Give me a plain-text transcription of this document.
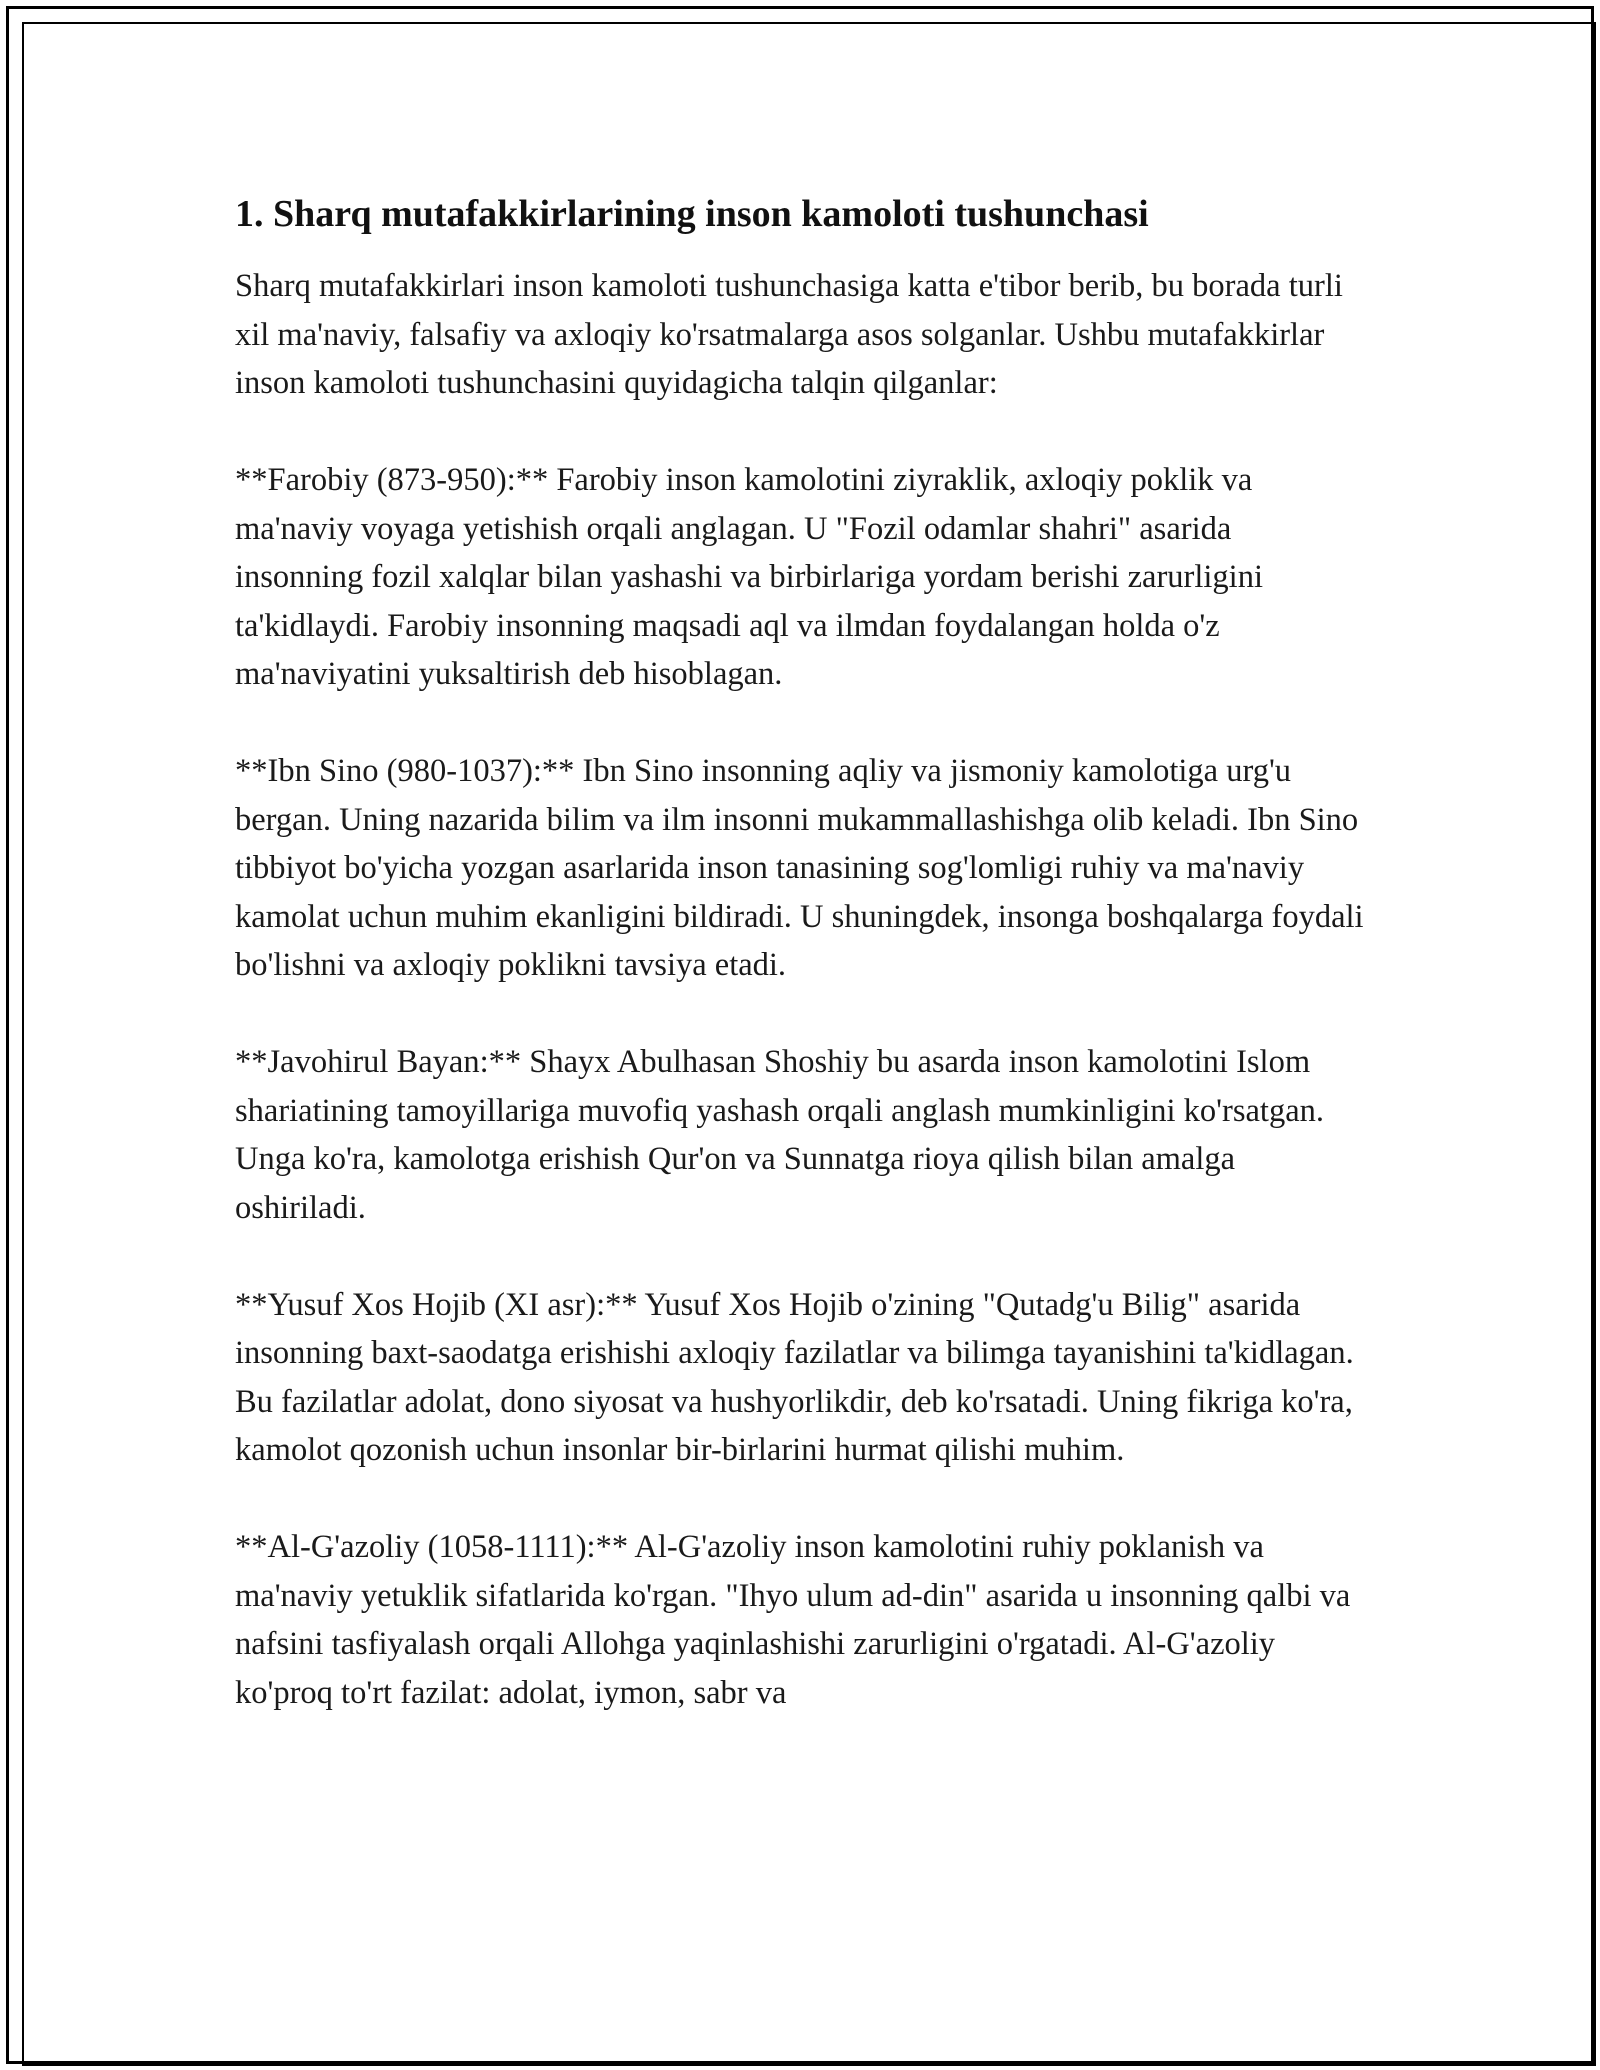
1. Sharq mutafakkirlarining inson kamoloti tushunchasi

Sharq mutafakkirlari inson kamoloti tushunchasiga katta e'tibor berib, bu borada turli xil ma'naviy, falsafiy va axloqiy ko'rsatmalarga asos solganlar. Ushbu mutafakkirlar inson kamoloti tushunchasini quyidagicha talqin qilganlar:

**Farobiy (873-950):** Farobiy inson kamolotini ziyraklik, axloqiy poklik va ma'naviy voyaga yetishish orqali anglagan. U "Fozil odamlar shahri" asarida insonning fozil xalqlar bilan yashashi va birbirlariga yordam berishi zarurligini ta'kidlaydi. Farobiy insonning maqsadi aql va ilmdan foydalangan holda o'z ma'naviyatini yuksaltirish deb hisoblagan.

**Ibn Sino (980-1037):** Ibn Sino insonning aqliy va jismoniy kamolotiga urg'u bergan. Uning nazarida bilim va ilm insonni mukammallashishga olib keladi. Ibn Sino tibbiyot bo'yicha yozgan asarlarida inson tanasining sog'lomligi ruhiy va ma'naviy kamolat uchun muhim ekanligini bildiradi. U shuningdek, insonga boshqalarga foydali bo'lishni va axloqiy poklikni tavsiya etadi.

**Javohirul Bayan:** Shayx Abulhasan Shoshiy bu asarda inson kamolotini Islom shariatining tamoyillariga muvofiq yashash orqali anglash mumkinligini ko'rsatgan. Unga ko'ra, kamolotga erishish Qur'on va Sunnatga rioya qilish bilan amalga oshiriladi.

**Yusuf Xos Hojib (XI asr):** Yusuf Xos Hojib o'zining "Qutadg'u Bilig" asarida insonning baxt-saodatga erishishi axloqiy fazilatlar va bilimga tayanishini ta'kidlagan. Bu fazilatlar adolat, dono siyosat va hushyorlikdir, deb ko'rsatadi. Uning fikriga ko'ra, kamolot qozonish uchun insonlar bir-birlarini hurmat qilishi muhim.

**Al-G'azoliy (1058-1111):** Al-G'azoliy inson kamolotini ruhiy poklanish va ma'naviy yetuklik sifatlarida ko'rgan. "Ihyo ulum ad-din" asarida u insonning qalbi va nafsini tasfiyalash orqali Allohga yaqinlashishi zarurligini o'rgatadi. Al-G'azoliy ko'proq to'rt fazilat: adolat, iymon, sabr va
